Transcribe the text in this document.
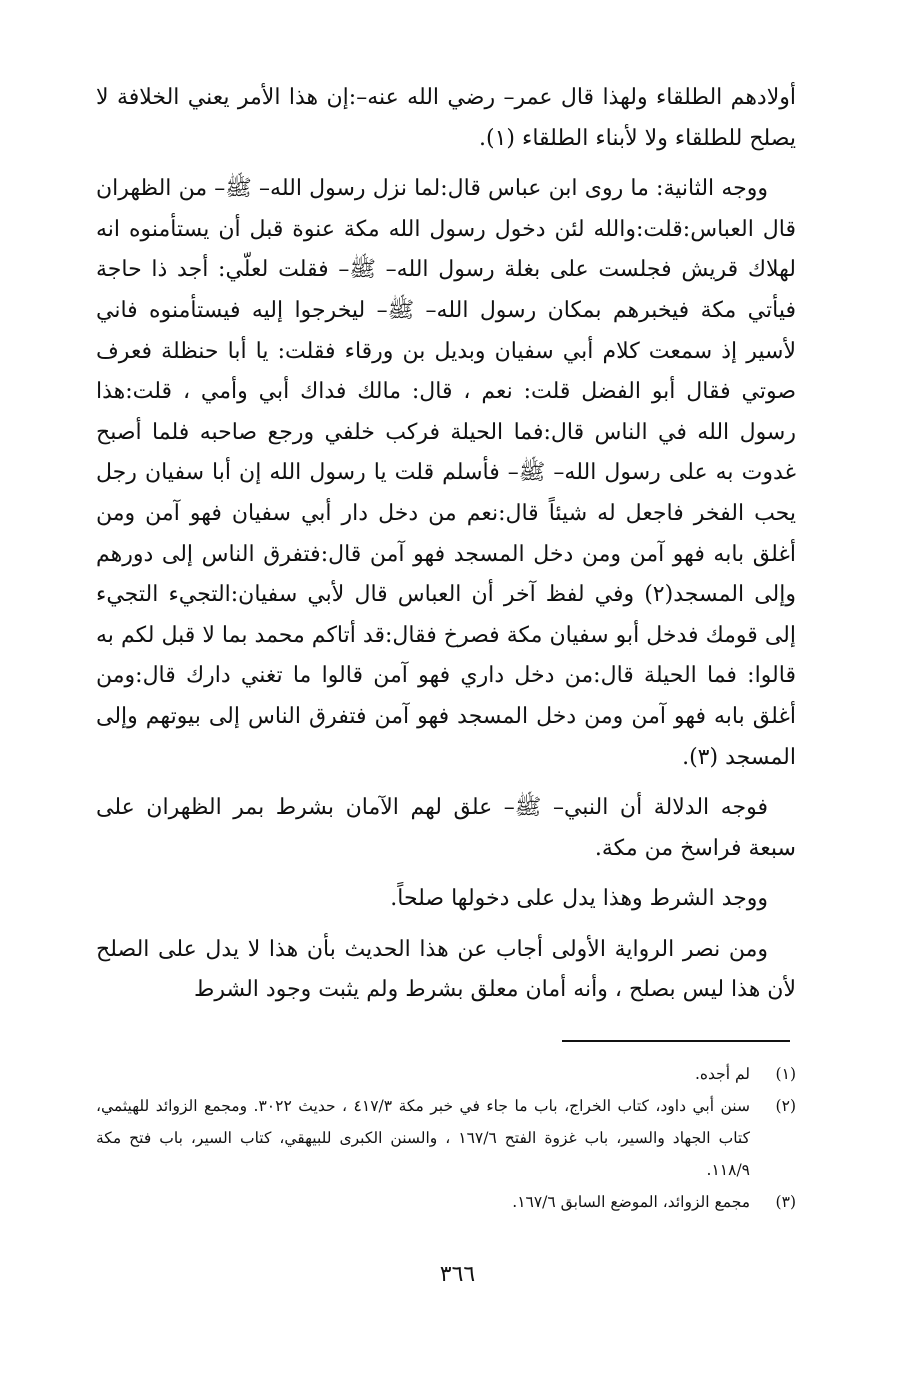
أولادهم الطلقاء ولهذا قال عمر– رضي الله عنه–:إن هذا الأمر يعني الخلافة لا يصلح للطلقاء ولا لأبناء الطلقاء (١).

ووجه الثانية: ما روى ابن عباس قال:لما نزل رسول الله– ﷺ– من الظهران قال العباس:قلت:والله لئن دخول رسول الله مكة عنوة قبل أن يستأمنوه انه لهلاك قريش فجلست على بغلة رسول الله– ﷺ– فقلت لعلّي: أجد ذا حاجة فيأتي مكة فيخبرهم بمكان رسول الله– ﷺ– ليخرجوا إليه فيستأمنوه فاني لأسير إذ سمعت كلام أبي سفيان وبديل بن ورقاء فقلت: يا أبا حنظلة فعرف صوتي فقال أبو الفضل قلت: نعم ، قال: مالك فداك أبي وأمي ، قلت:هذا رسول الله في الناس قال:فما الحيلة فركب خلفي ورجع صاحبه فلما أصبح غدوت به على رسول الله– ﷺ– فأسلم قلت يا رسول الله إن أبا سفيان رجل يحب الفخر فاجعل له شيئاً قال:نعم من دخل دار أبي سفيان فهو آمن ومن أغلق بابه فهو آمن ومن دخل المسجد فهو آمن قال:فتفرق الناس إلى دورهم وإلى المسجد(٢) وفي لفظ آخر أن العباس قال لأبي سفيان:التجيء التجيء إلى قومك فدخل أبو سفيان مكة فصرخ فقال:قد أتاكم محمد بما لا قبل لكم به قالوا: فما الحيلة قال:من دخل داري فهو آمن قالوا ما تغني دارك قال:ومن أغلق بابه فهو آمن ومن دخل المسجد فهو آمن فتفرق الناس إلى بيوتهم وإلى المسجد (٣).

فوجه الدلالة أن النبي– ﷺ– علق لهم الآمان بشرط بمر الظهران على سبعة فراسخ من مكة.

ووجد الشرط وهذا يدل على دخولها صلحاً.

ومن نصر الرواية الأولى أجاب عن هذا الحديث بأن هذا لا يدل على الصلح لأن هذا ليس بصلح ، وأنه أمان معلق بشرط ولم يثبت وجود الشرط

(١)
لم أجده.
(٢)
سنن أبي داود، كتاب الخراج، باب ما جاء في خبر مكة ٤١٧/٣ ، حديث ٣٠٢٢. ومجمع الزوائد للهيثمي، كتاب الجهاد والسير، باب غزوة الفتح ١٦٧/٦ ، والسنن الكبرى للبيهقي، كتاب السير، باب فتح مكة ١١٨/٩.
(٣)
مجمع الزوائد، الموضع السابق ١٦٧/٦.
٣٦٦
